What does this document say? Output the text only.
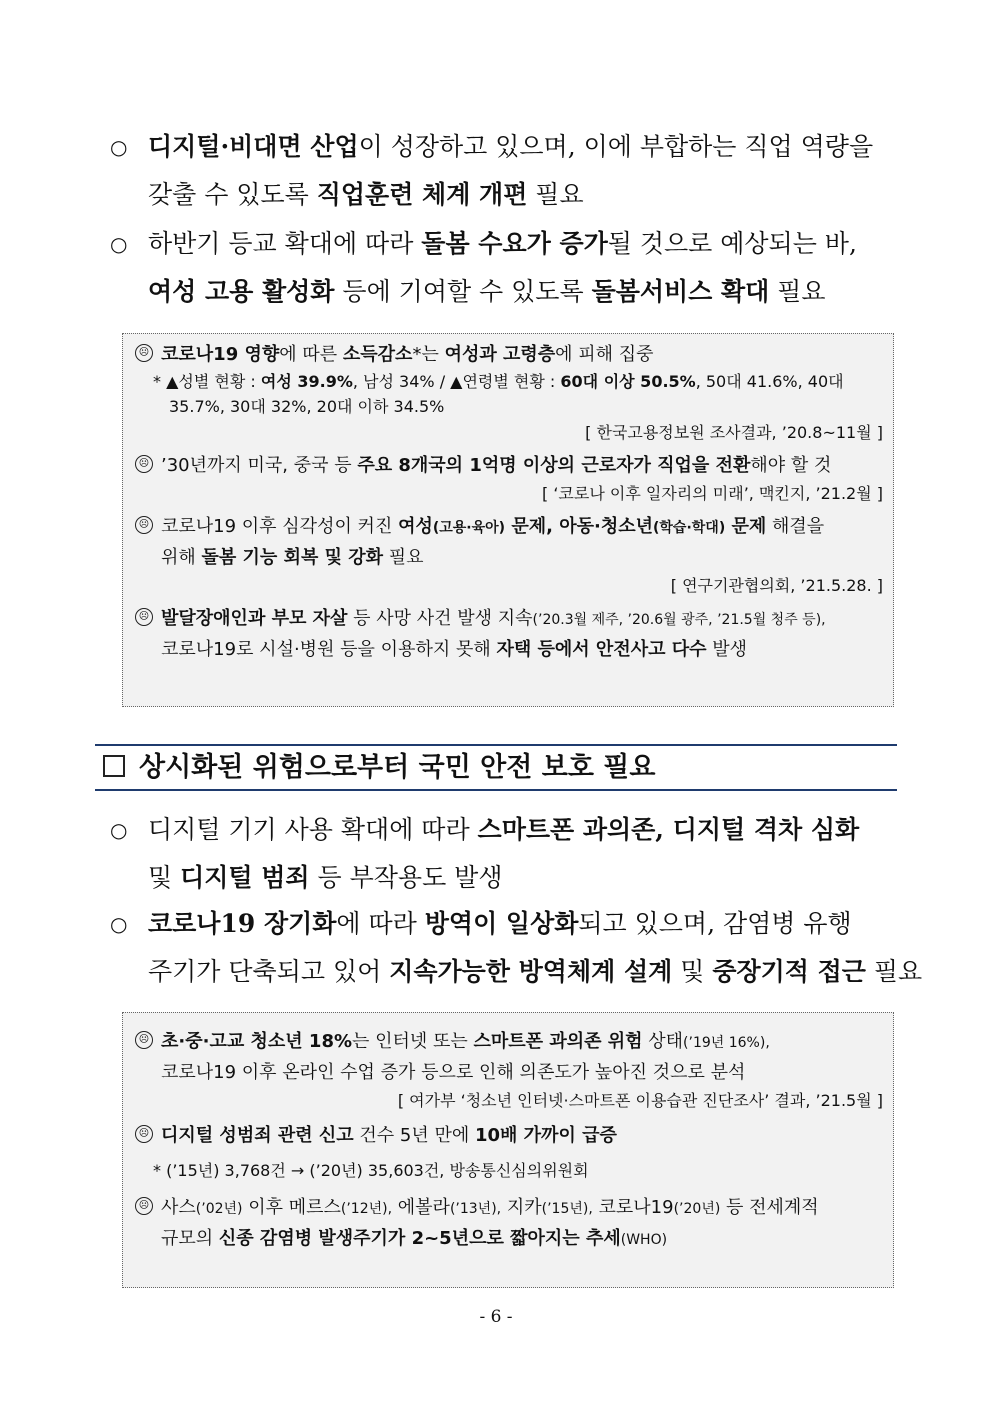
○ 디지털·비대면 산업이 성장하고 있으며, 이에 부합하는 직업 역량을
갖출 수 있도록 직업훈련 체계 개편 필요
○ 하반기 등교 확대에 따라 돌봄 수요가 증가될 것으로 예상되는 바,
여성 고용 활성화 등에 기여할 수 있도록 돌봄서비스 확대 필요
☹ 코로나19 영향에 따른 소득감소*는 여성과 고령층에 피해 집중
* ▲성별 현황 : 여성 39.9%, 남성 34% / ▲연령별 현황 : 60대 이상 50.5%, 50대 41.6%, 40대
35.7%, 30대 32%, 20대 이하 34.5%
[ 한국고용정보원 조사결과, ’20.8~11월 ]
☹ ’30년까지 미국, 중국 등 주요 8개국의 1억명 이상의 근로자가 직업을 전환해야 할 것
[ ‘코로나 이후 일자리의 미래’, 맥킨지, ’21.2월 ]
☹ 코로나19 이후 심각성이 커진 여성(고용·육아) 문제, 아동·청소년(학습·학대) 문제 해결을
위해 돌봄 기능 회복 및 강화 필요
[ 연구기관협의회, ’21.5.28. ]
☹ 발달장애인과 부모 자살 등 사망 사건 발생 지속(’20.3월 제주, ’20.6월 광주, ’21.5월 청주 등),
코로나19로 시설·병원 등을 이용하지 못해 자택 등에서 안전사고 다수 발생
상시화된 위험으로부터 국민 안전 보호 필요
○ 디지털 기기 사용 확대에 따라 스마트폰 과의존, 디지털 격차 심화
및 디지털 범죄 등 부작용도 발생
○ 코로나19 장기화에 따라 방역이 일상화되고 있으며, 감염병 유행
주기가 단축되고 있어 지속가능한 방역체계 설계 및 중장기적 접근 필요
☹ 초·중·고교 청소년 18%는 인터넷 또는 스마트폰 과의존 위험 상태(’19년 16%),
코로나19 이후 온라인 수업 증가 등으로 인해 의존도가 높아진 것으로 분석
[ 여가부 ‘청소년 인터넷·스마트폰 이용습관 진단조사’ 결과, ’21.5월 ]
☹ 디지털 성범죄 관련 신고 건수 5년 만에 10배 가까이 급증
* (’15년) 3,768건 → (’20년) 35,603건, 방송통신심의위원회
☹ 사스(’02년) 이후 메르스(’12년), 에볼라(’13년), 지카(’15년), 코로나19(’20년) 등 전세계적
규모의 신종 감염병 발생주기가 2~5년으로 짧아지는 추세(WHO)
- 6 -
